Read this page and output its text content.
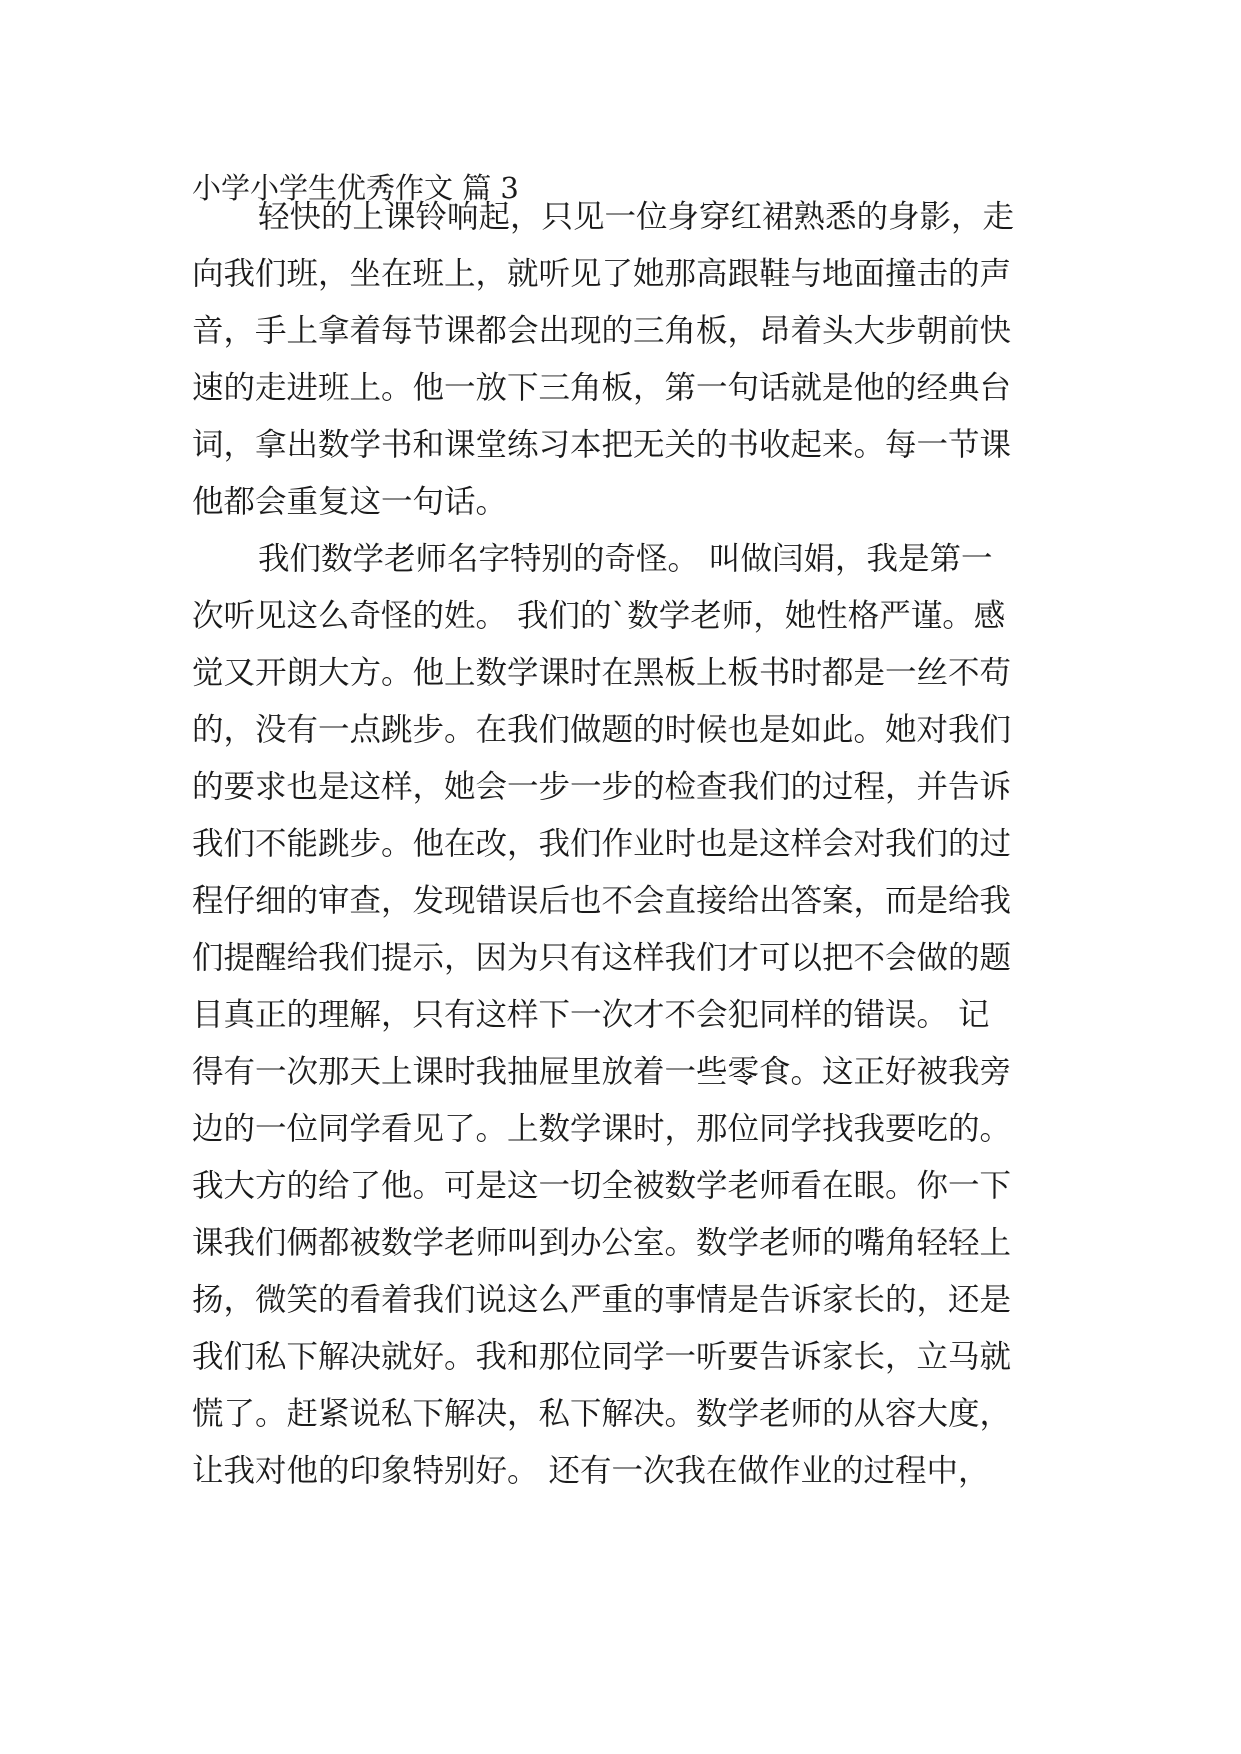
小学小学生优秀作文 篇 3
轻快的上课铃响起，只见一位身穿红裙熟悉的身影，走
向我们班，坐在班上，就听见了她那高跟鞋与地面撞击的声
音，手上拿着每节课都会出现的三角板，昂着头大步朝前快
速的走进班上。他一放下三角板，第一句话就是他的经典台
词，拿出数学书和课堂练习本把无关的书收起来。每一节课
他都会重复这一句话。
我们数学老师名字特别的奇怪。 叫做闫娟，我是第一
次听见这么奇怪的姓。 我们的`数学老师，她性格严谨。感
觉又开朗大方。他上数学课时在黑板上板书时都是一丝不苟
的，没有一点跳步。在我们做题的时候也是如此。她对我们
的要求也是这样，她会一步一步的检查我们的过程，并告诉
我们不能跳步。他在改，我们作业时也是这样会对我们的过
程仔细的审查，发现错误后也不会直接给出答案，而是给我
们提醒给我们提示，因为只有这样我们才可以把不会做的题
目真正的理解，只有这样下一次才不会犯同样的错误。 记
得有一次那天上课时我抽屉里放着一些零食。这正好被我旁
边的一位同学看见了。上数学课时，那位同学找我要吃的。
我大方的给了他。可是这一切全被数学老师看在眼。你一下
课我们俩都被数学老师叫到办公室。数学老师的嘴角轻轻上
扬，微笑的看着我们说这么严重的事情是告诉家长的，还是
我们私下解决就好。我和那位同学一听要告诉家长，立马就
慌了。赶紧说私下解决，私下解决。数学老师的从容大度，
让我对他的印象特别好。 还有一次我在做作业的过程中，
